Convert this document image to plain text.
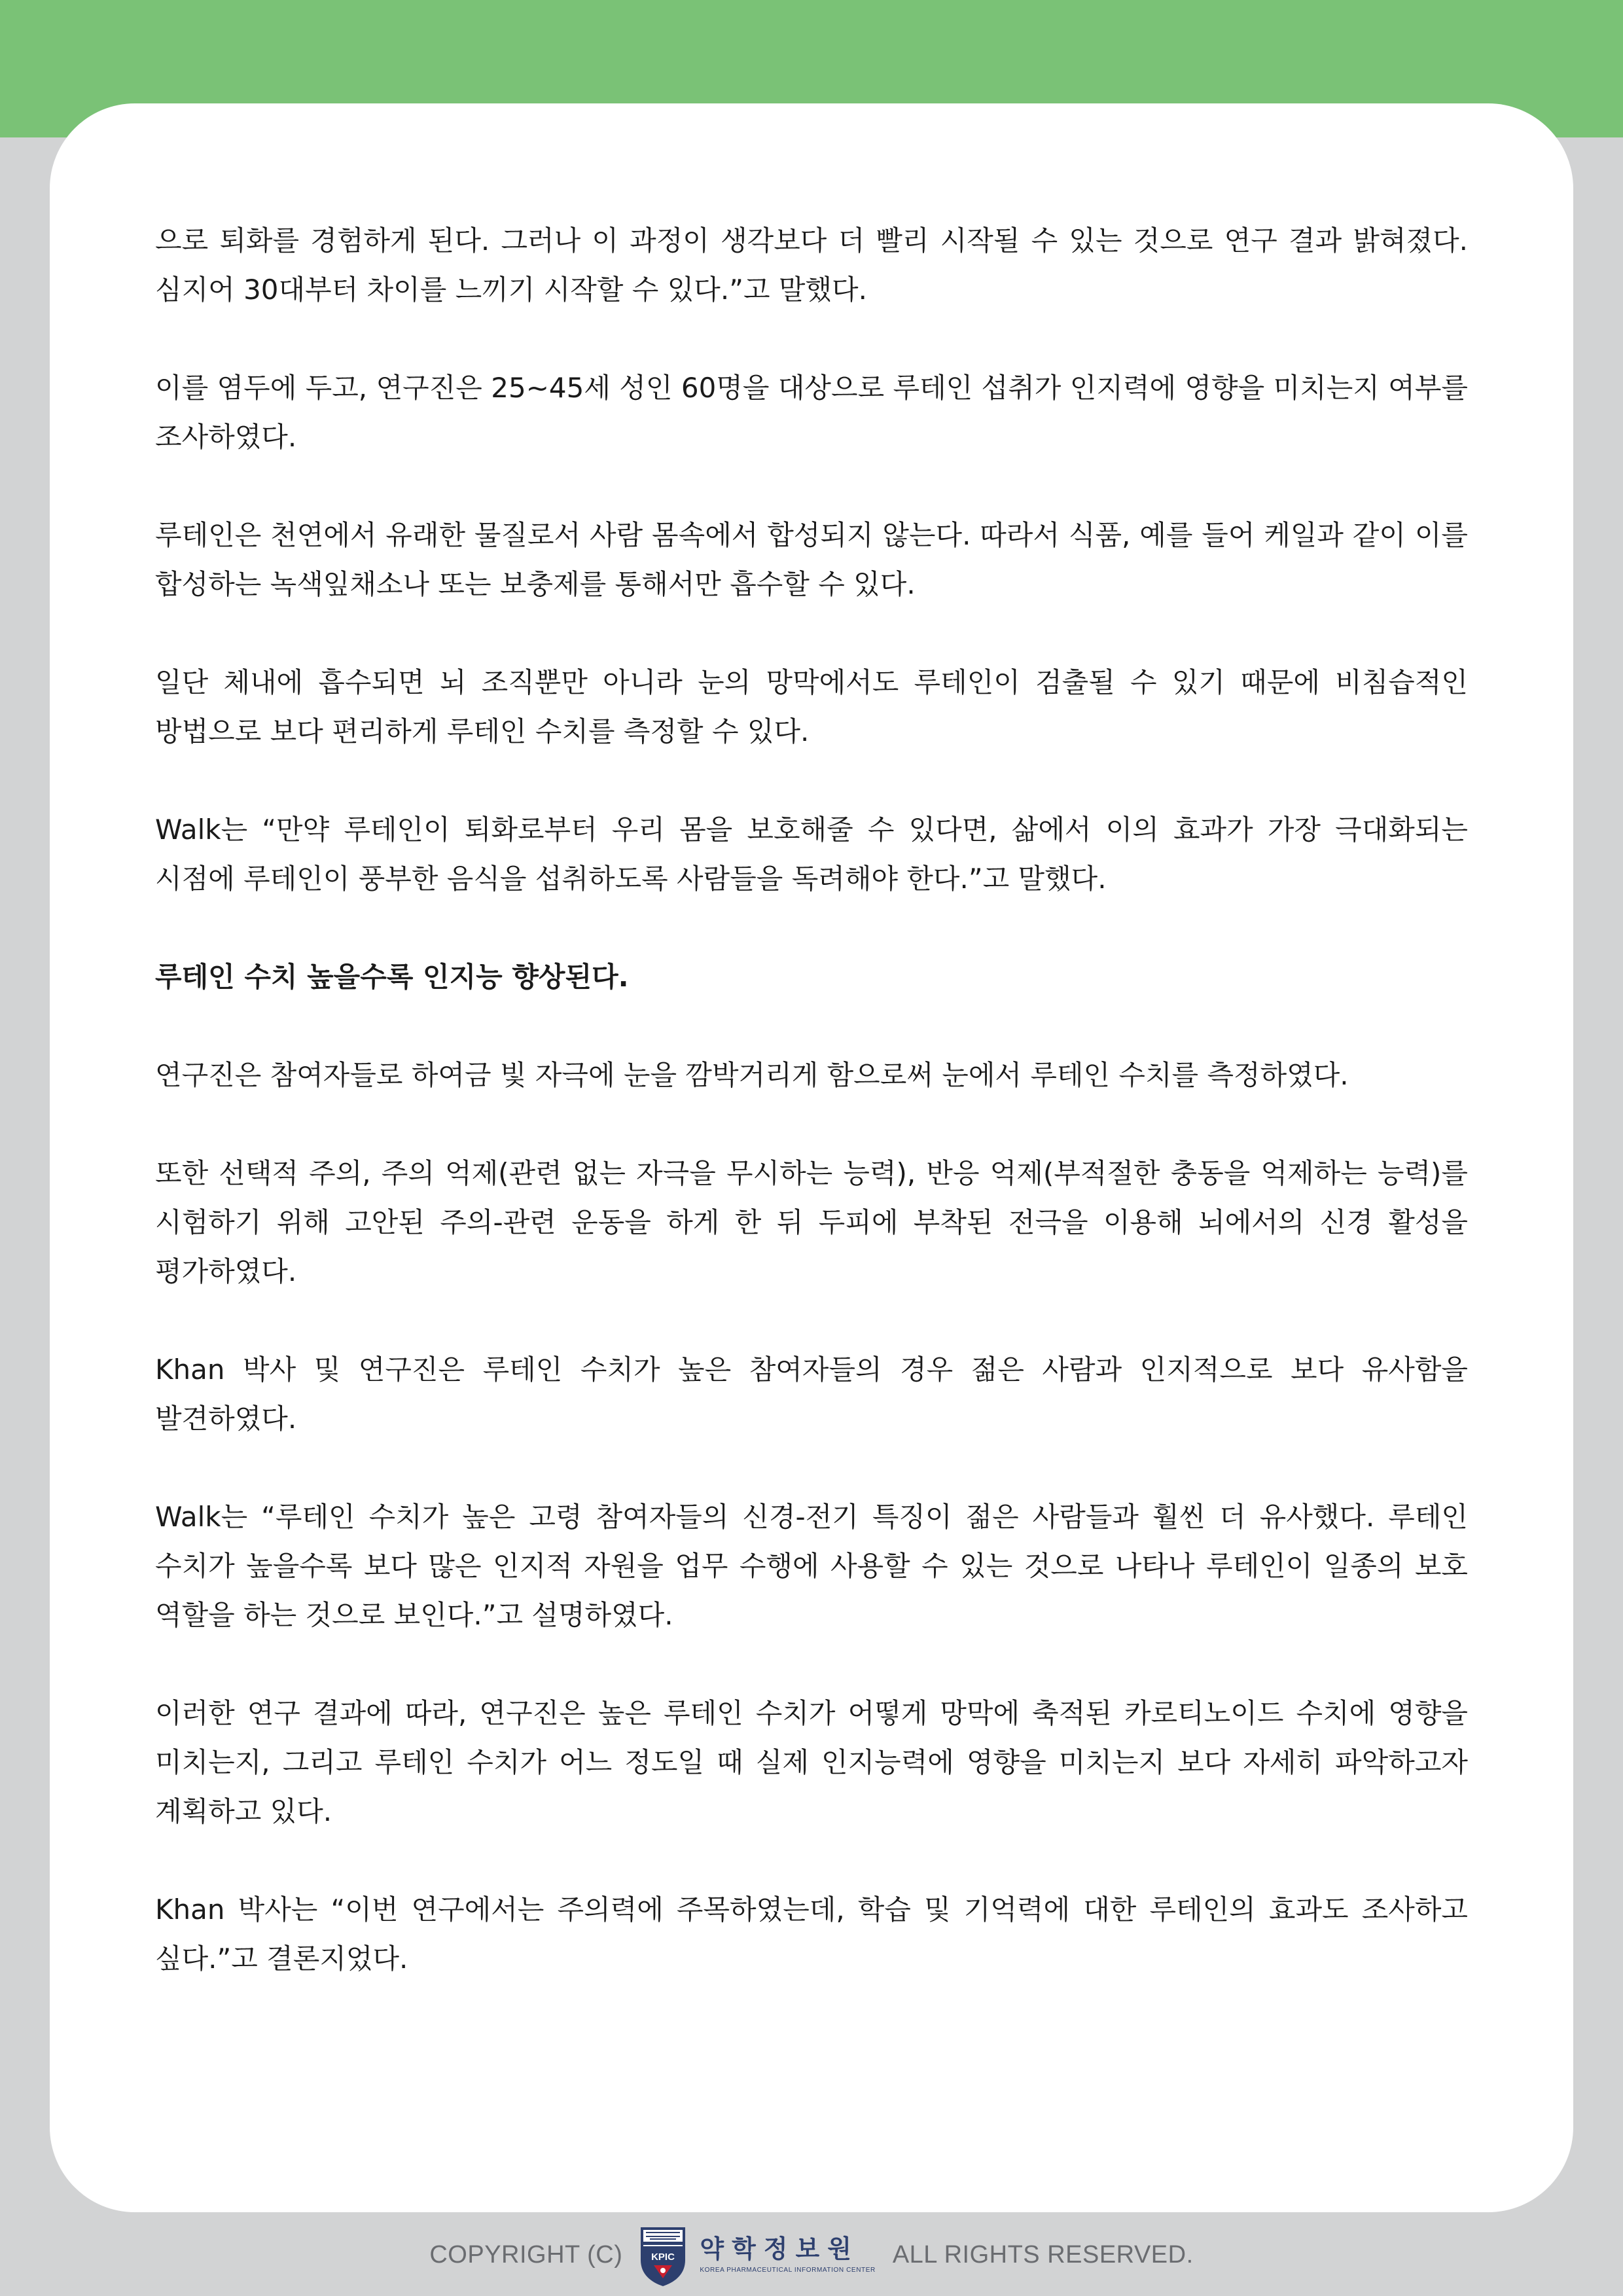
으로 퇴화를 경험하게 된다. 그러나 이 과정이 생각보다 더 빨리 시작될 수 있는 것으로 연구 결과 밝혀졌다. 심지어 30대부터 차이를 느끼기 시작할 수 있다.”고 말했다.

이를 염두에 두고, 연구진은 25~45세 성인 60명을 대상으로 루테인 섭취가 인지력에 영향을 미치는지 여부를 조사하였다.

루테인은 천연에서 유래한 물질로서 사람 몸속에서 합성되지 않는다. 따라서 식품, 예를 들어 케일과 같이 이를 합성하는 녹색잎채소나 또는 보충제를 통해서만 흡수할 수 있다.

일단 체내에 흡수되면 뇌 조직뿐만 아니라 눈의 망막에서도 루테인이 검출될 수 있기 때문에 비침습적인 방법으로 보다 편리하게 루테인 수치를 측정할 수 있다.

Walk는 “만약 루테인이 퇴화로부터 우리 몸을 보호해줄 수 있다면, 삶에서 이의 효과가 가장 극대화되는 시점에 루테인이 풍부한 음식을 섭취하도록 사람들을 독려해야 한다.”고 말했다.

루테인 수치 높을수록 인지능 향상된다.

연구진은 참여자들로 하여금 빛 자극에 눈을 깜박거리게 함으로써 눈에서 루테인 수치를 측정하였다.

또한 선택적 주의, 주의 억제(관련 없는 자극을 무시하는 능력), 반응 억제(부적절한 충동을 억제하는 능력)를 시험하기 위해 고안된 주의-관련 운동을 하게 한 뒤 두피에 부착된 전극을 이용해 뇌에서의 신경 활성을 평가하였다.

Khan 박사 및 연구진은 루테인 수치가 높은 참여자들의 경우 젊은 사람과 인지적으로 보다 유사함을 발견하였다.

Walk는 “루테인 수치가 높은 고령 참여자들의 신경-전기 특징이 젊은 사람들과 훨씬 더 유사했다. 루테인 수치가 높을수록 보다 많은 인지적 자원을 업무 수행에 사용할 수 있는 것으로 나타나 루테인이 일종의 보호 역할을 하는 것으로 보인다.”고 설명하였다.

이러한 연구 결과에 따라, 연구진은 높은 루테인 수치가 어떻게 망막에 축적된 카로티노이드 수치에 영향을 미치는지, 그리고 루테인 수치가 어느 정도일 때 실제 인지능력에 영향을 미치는지 보다 자세히 파악하고자 계획하고 있다.

Khan 박사는 “이번 연구에서는 주의력에 주목하였는데, 학습 및 기억력에 대한 루테인의 효과도 조사하고 싶다.”고 결론지었다.

COPYRIGHT (C)	KPIC 약학정보원
KOREA PHARMACEUTICAL INFORMATION CENTER
ALL RIGHTS RESERVED.
